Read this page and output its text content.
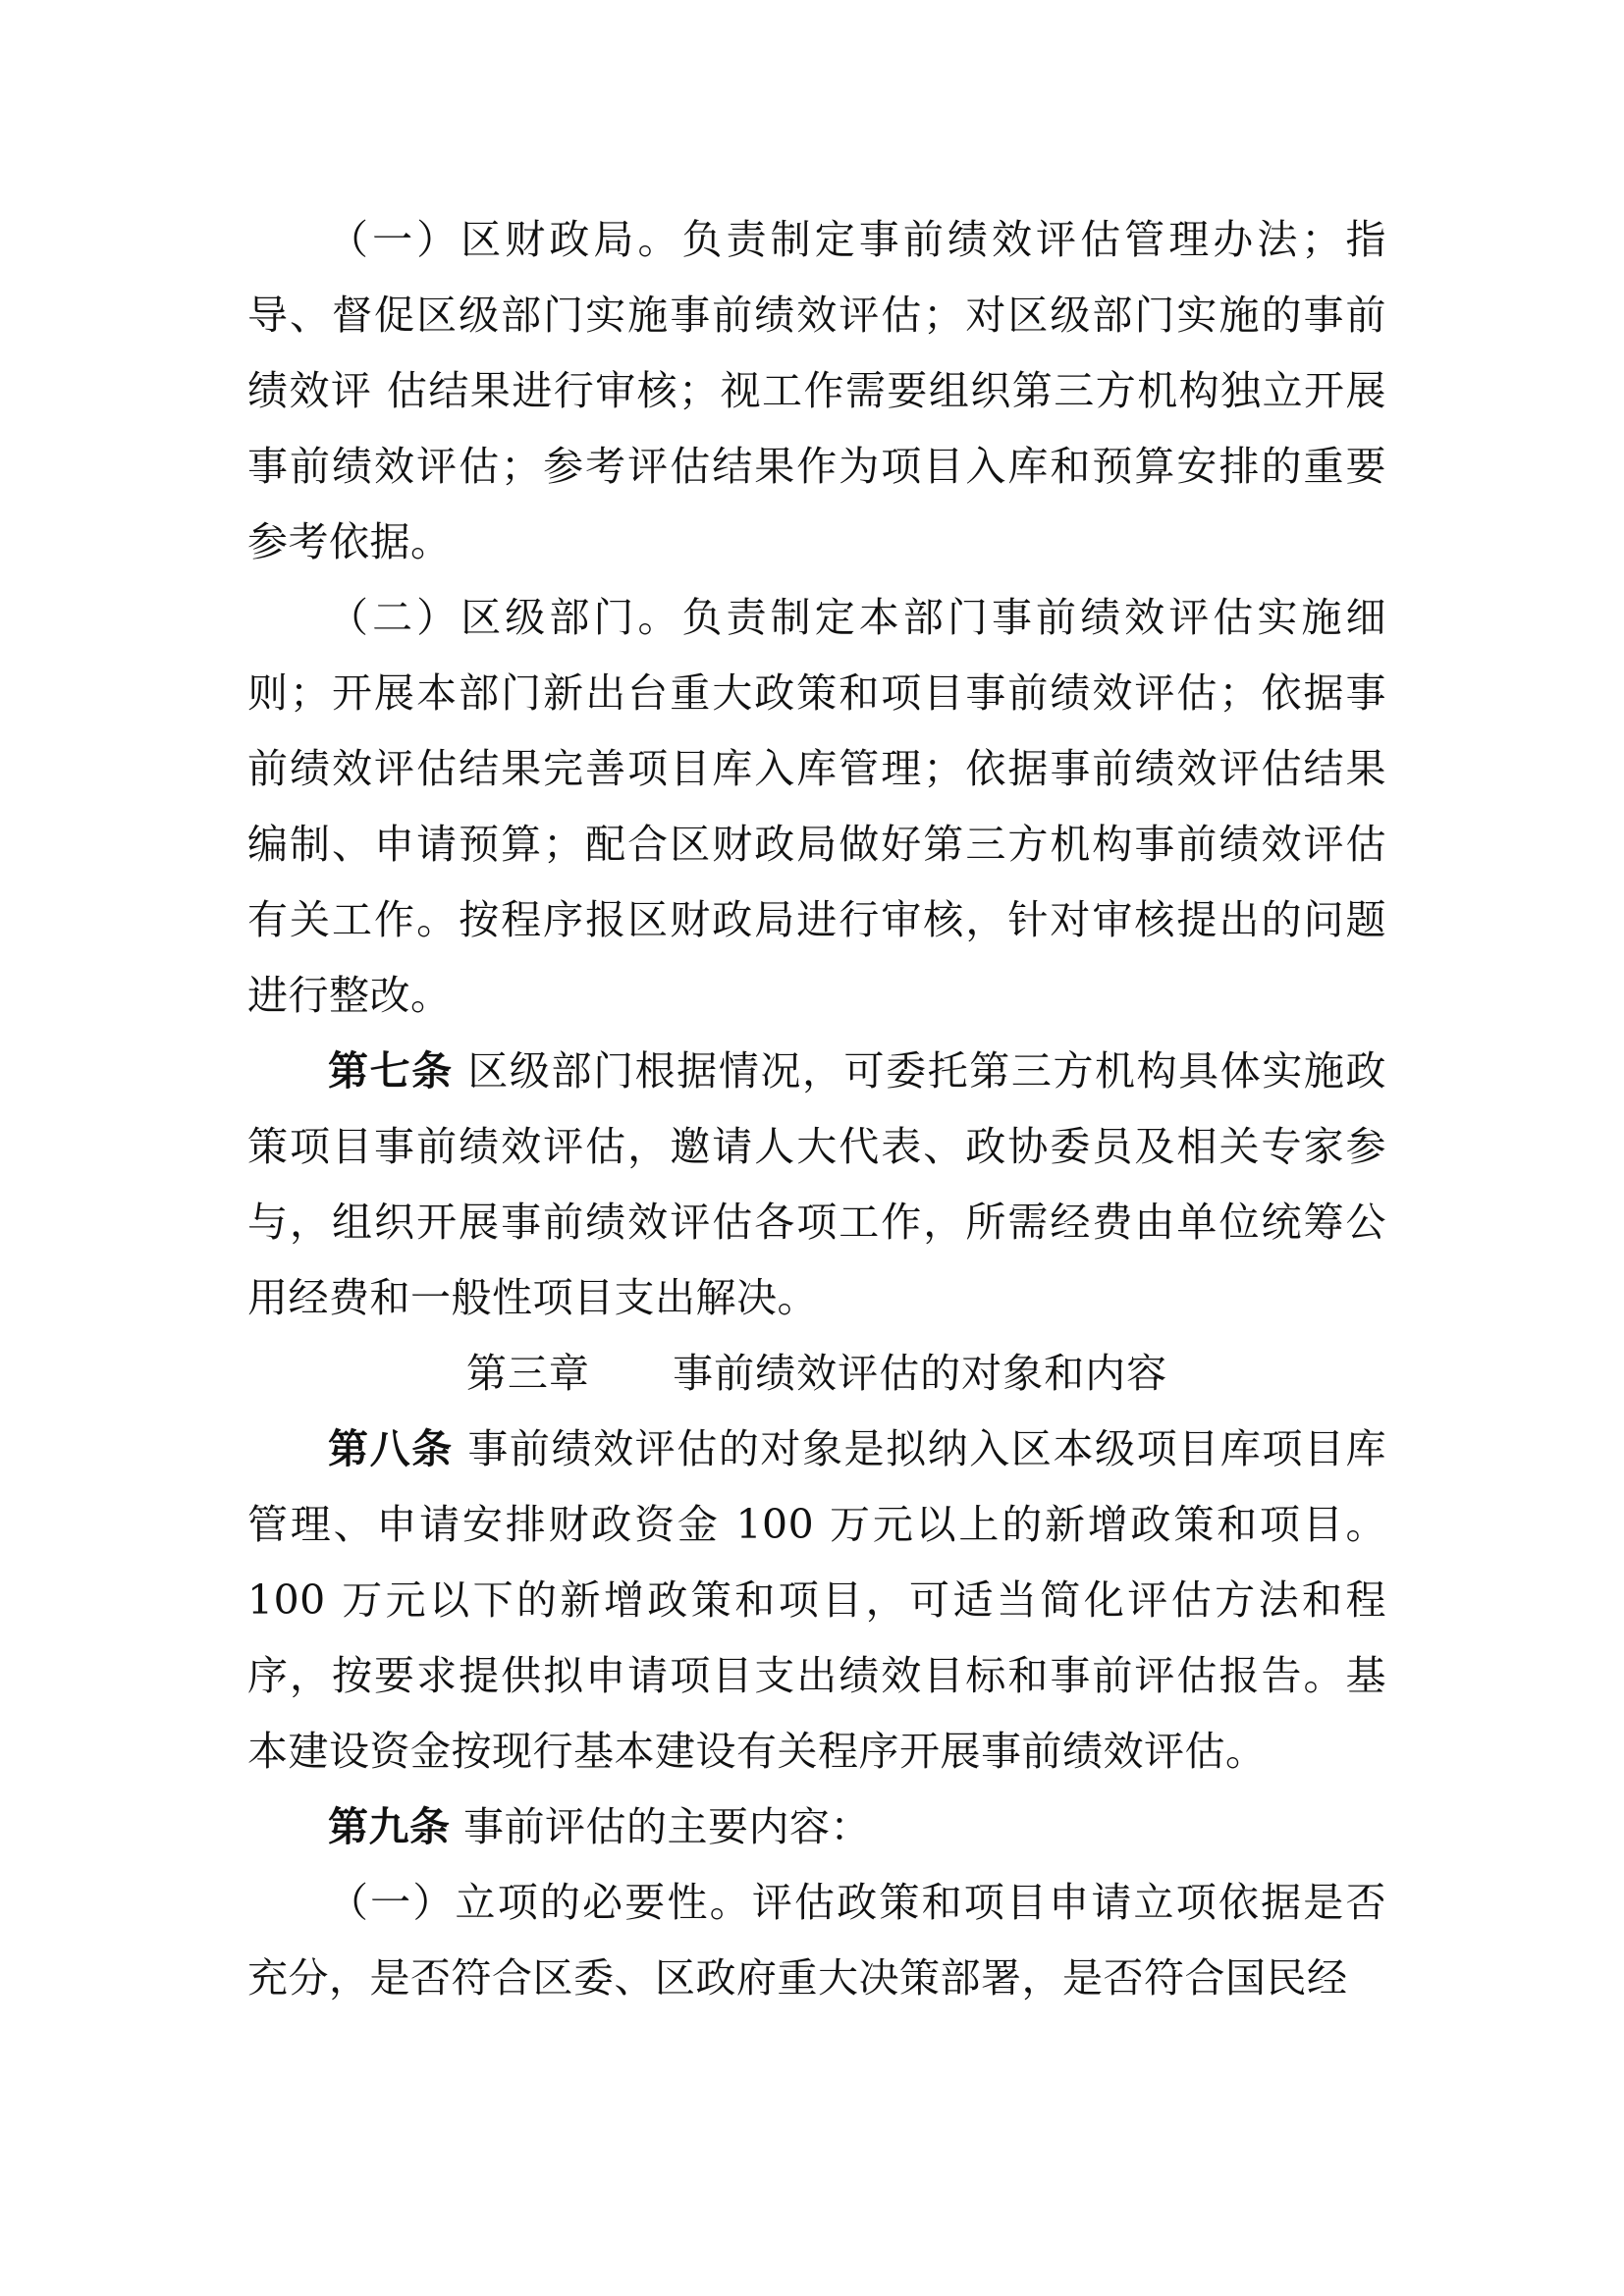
（一）区财政局。负责制定事前绩效评估管理办法；指导、督促区级部门实施事前绩效评估；对区级部门实施的事前绩效评 估结果进行审核；视工作需要组织第三方机构独立开展事前绩效评估；参考评估结果作为项目入库和预算安排的重要参考依据。

（二）区级部门。负责制定本部门事前绩效评估实施细则；开展本部门新出台重大政策和项目事前绩效评估；依据事前绩效评估结果完善项目库入库管理；依据事前绩效评估结果编制、申请预算；配合区财政局做好第三方机构事前绩效评估有关工作。按程序报区财政局进行审核，针对审核提出的问题进行整改。

第七条 区级部门根据情况，可委托第三方机构具体实施政策项目事前绩效评估，邀请人大代表、政协委员及相关专家参与，组织开展事前绩效评估各项工作，所需经费由单位统筹公用经费和一般性项目支出解决。

第三章      事前绩效评估的对象和内容

第八条 事前绩效评估的对象是拟纳入区本级项目库项目库管理、申请安排财政资金 100 万元以上的新增政策和项目。100 万元以下的新增政策和项目，可适当简化评估方法和程序，按要求提供拟申请项目支出绩效目标和事前评估报告。基本建设资金按现行基本建设有关程序开展事前绩效评估。

第九条 事前评估的主要内容：

（一）立项的必要性。评估政策和项目申请立项依据是否充分，是否符合区委、区政府重大决策部署，是否符合国民经
